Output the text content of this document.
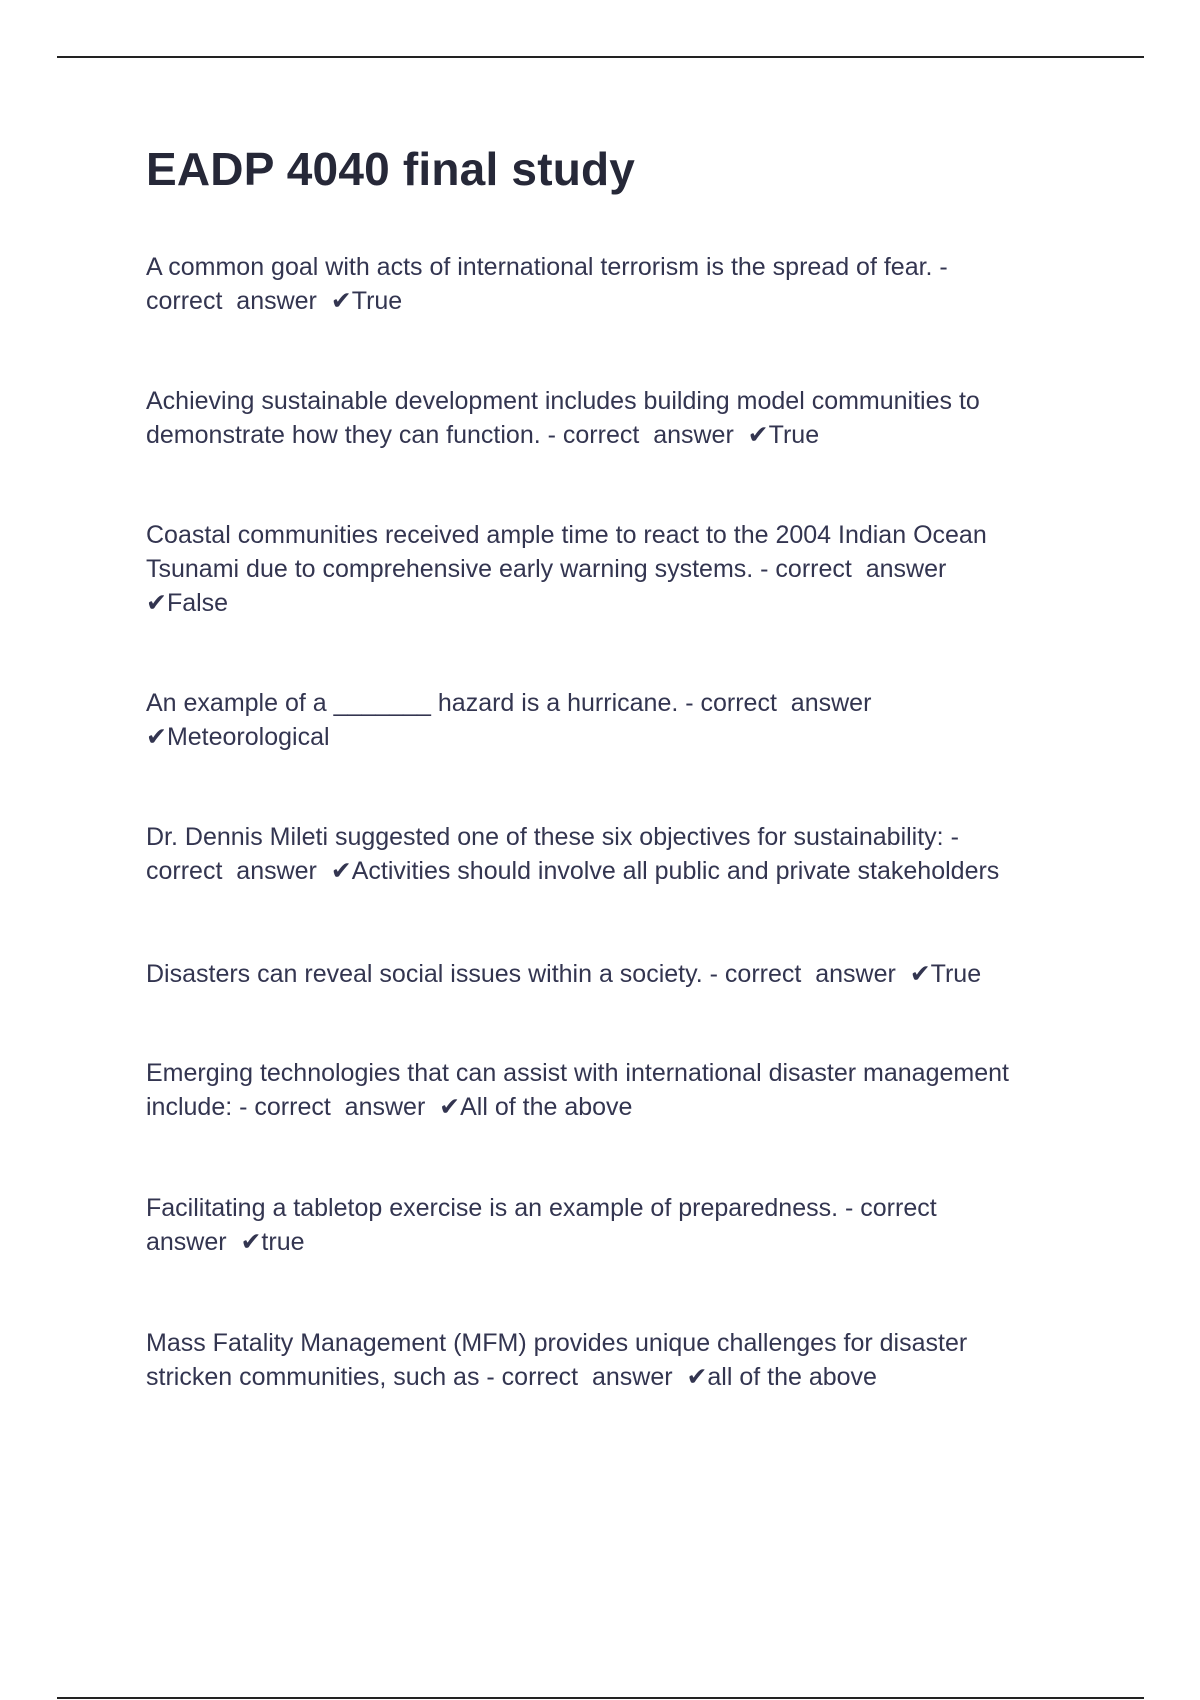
EADP 4040 final study

A common goal with acts of international terrorism is the spread of fear. -
correct  answer  ✔True

Achieving sustainable development includes building model communities to
demonstrate how they can function. - correct  answer  ✔True

Coastal communities received ample time to react to the 2004 Indian Ocean
Tsunami due to comprehensive early warning systems. - correct  answer
✔False

An example of a _______ hazard is a hurricane. - correct  answer
✔Meteorological

Dr. Dennis Mileti suggested one of these six objectives for sustainability: -
correct  answer  ✔Activities should involve all public and private stakeholders

Disasters can reveal social issues within a society. - correct  answer  ✔True

Emerging technologies that can assist with international disaster management
include: - correct  answer  ✔All of the above

Facilitating a tabletop exercise is an example of preparedness. - correct
answer  ✔true

Mass Fatality Management (MFM) provides unique challenges for disaster
stricken communities, such as - correct  answer  ✔all of the above
